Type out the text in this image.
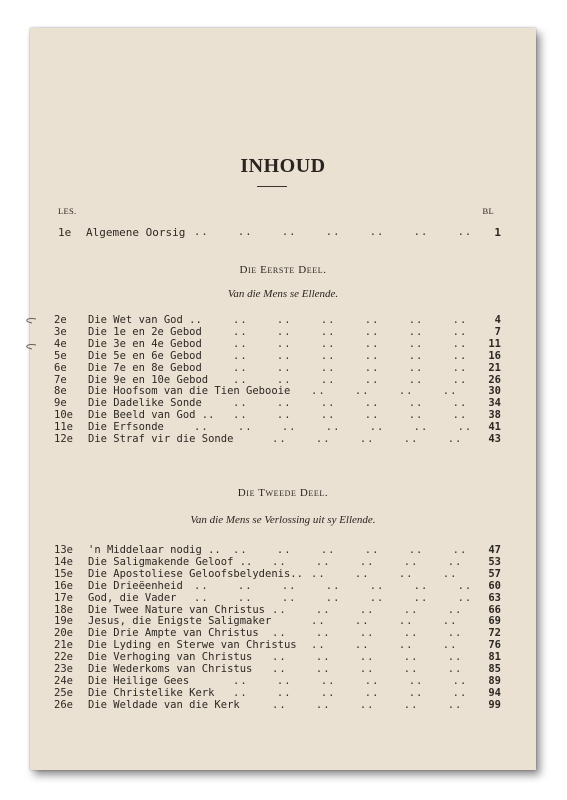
INHOUD
LES.	BL
1e	Algemene Oorsig ..    ..    ..    ..    ..    ..    .. 1
Die Eerste Deel.
Van die Mens se Ellende.
2e	Die Wet van God ..	..    ..    ..    ..    ..    ..	4
3e	Die 1e en 2e Gebod	..    ..    ..    ..    ..    ..	7
4e	Die 3e en 4e Gebod	..    ..    ..    ..    ..    .. 11
5e	Die 5e en 6e Gebod	..    ..    ..    ..    ..    .. 16
6e	Die 7e en 8e Gebod	..    ..    ..    ..    ..    .. 21
7e	Die 9e en 10e Gebod ..    ..    ..    ..    ..    .. 26
8e	Die Hoofsom van die Tien Gebooie ..    ..    ..    ..	30
9e	Die Dadelike Sonde	..    ..    ..    ..    ..    .. 34
10e	Die Beeld van God .. ..    ..    ..    ..    ..    .. 38
11e	Die Erfsonde	..    ..    ..    ..    ..    ..    .. 41
12e	Die Straf vir die Sonde	..    ..    ..    ..    .. 43
Die Tweede Deel.
Van die Mens se Verlossing uit sy Ellende.
13e	'n Middelaar nodig .. ..    ..    ..    ..    ..    .. 47
14e	Die Saligmakende Geloof .. ..    ..    ..    ..    .. 53
15e	Die Apostoliese Geloofsbelydenis.. ..    ..    ..    ..	57
16e	Die Drieëenheid ..    ..    ..    ..    ..    ..    .. 60
17e	God, die Vader ..    ..    ..    ..    ..    ..    .. 63
18e	Die Twee Nature van Christus ..    ..    ..    ..    .. 66
19e	Jesus, die Enigste Saligmaker	..    ..    ..    ..	69
20e	Die Drie Ampte van Christus ..    ..    ..    ..    .. 72
21e	Die Lyding en Sterwe van Christus ..    ..    ..    ..	76
22e	Die Verhoging van Christus ..    ..    ..    ..    .. 81
23e	Die Wederkoms van Christus ..    ..    ..    ..    .. 85
24e	Die Heilige Gees	..    ..    ..    ..    ..    .. 89
25e	Die Christelike Kerk ..    ..    ..    ..    ..    .. 94
26e	Die Weldade van die Kerk	..    ..    ..    ..    .. 99
